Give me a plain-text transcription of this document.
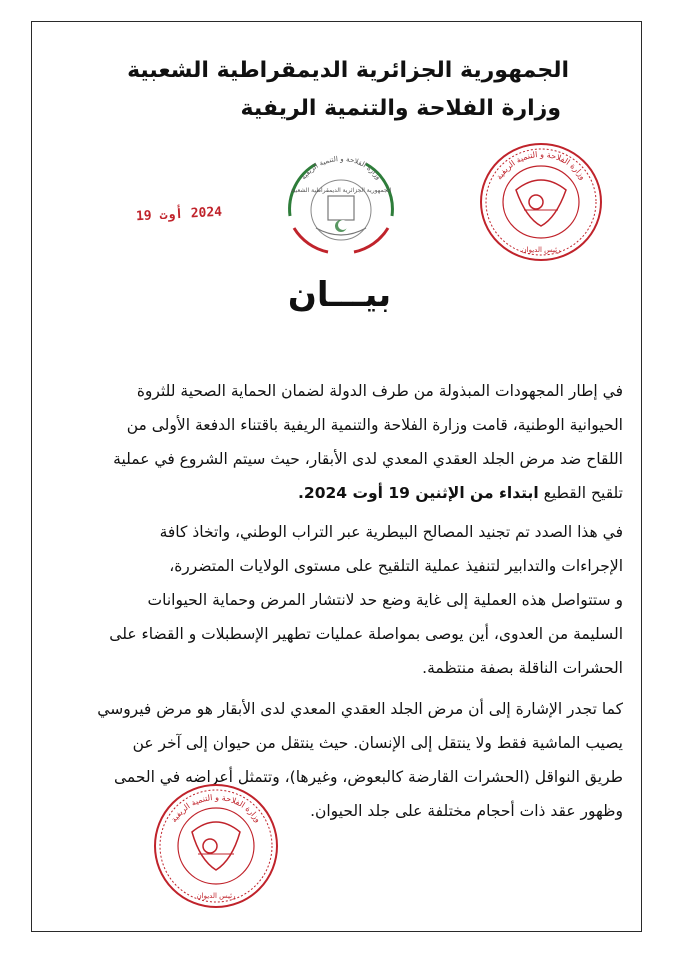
الجمهورية الجزائرية الديمقراطية الشعبية
وزارة الفلاحة والتنمية الريفية
2024 أوت 19
وزارة الفلاحة و التنمية الريفية
الجمهورية الجزائرية الديمقراطية الشعبية
وزارة الفلاحة و التنمية الريفية
رئيس الديوان
بيـــان
في إطار المجهودات المبذولة من طرف الدولة لضمان الحماية الصحية للثروة
الحيوانية الوطنية، قامت وزارة الفلاحة والتنمية الريفية باقتناء الدفعة الأولى من
اللقاح ضد مرض الجلد العقدي المعدي لدى الأبقار، حيث سيتم الشروع في عملية
تلقيح القطيع ابتداء من الإثنين 19 أوت 2024.
في هذا الصدد تم تجنيد المصالح البيطرية عبر التراب الوطني، واتخاذ كافة
الإجراءات والتدابير لتنفيذ عملية التلقيح على مستوى الولايات المتضررة،
و ستتواصل هذه العملية إلى غاية وضع حد لانتشار المرض وحماية الحيوانات
السليمة من العدوى، أين يوصى بمواصلة عمليات تطهير الإسطبلات و القضاء على
الحشرات الناقلة بصفة منتظمة.
كما تجدر الإشارة إلى أن مرض الجلد العقدي المعدي لدى الأبقار هو مرض فيروسي
يصيب الماشية فقط ولا ينتقل إلى الإنسان. حيث ينتقل من حيوان إلى آخر عن
طريق النواقل (الحشرات القارضة كالبعوض، وغيرها)، وتتمثل أعراضه في الحمى
وظهور عقد ذات أحجام مختلفة على جلد الحيوان.
وزارة الفلاحة و التنمية الريفية
رئيس الديوان
